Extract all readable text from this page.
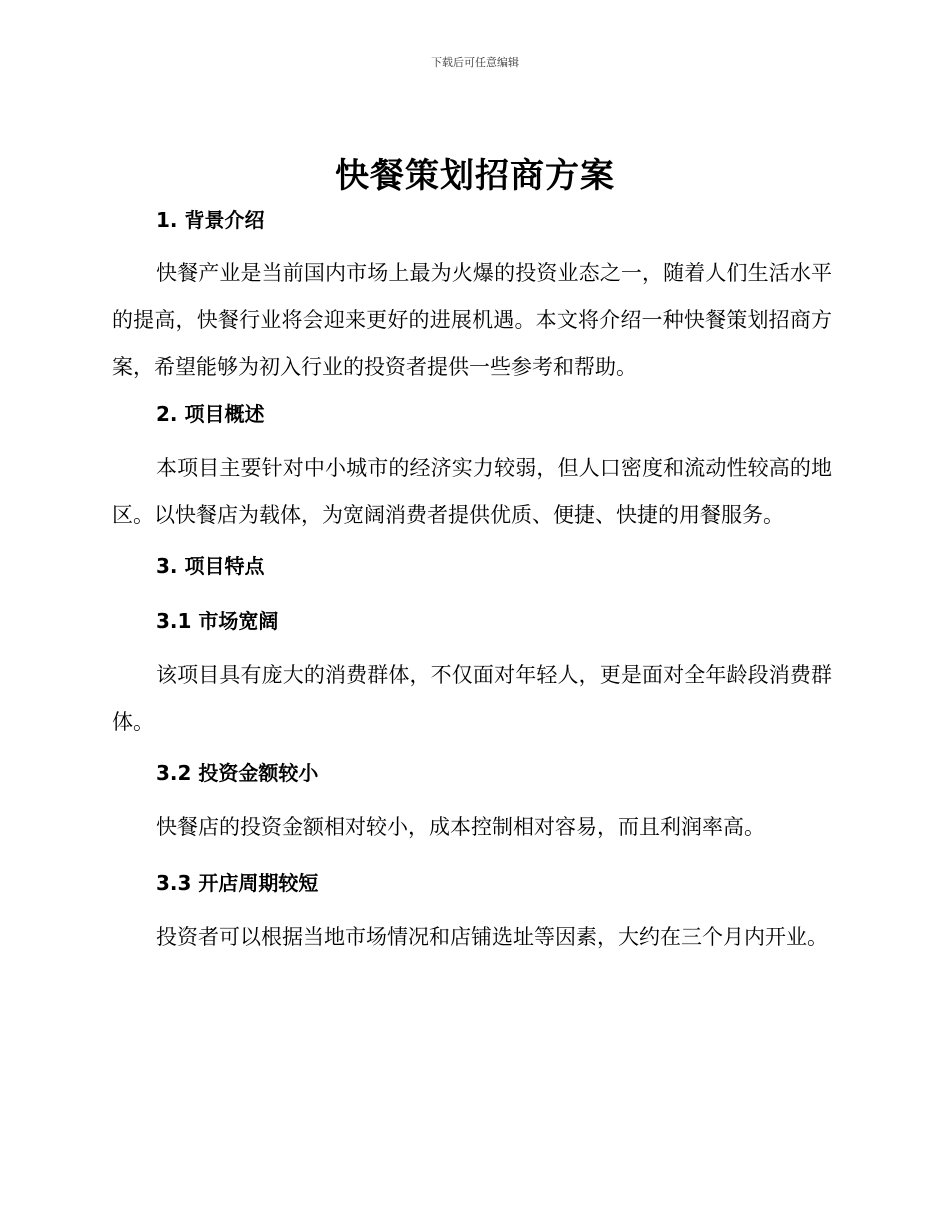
下载后可任意编辑
快餐策划招商方案
1. 背景介绍
快餐产业是当前国内市场上最为火爆的投资业态之一，随着人们生活水平的提高，快餐行业将会迎来更好的进展机遇。本文将介绍一种快餐策划招商方案，希望能够为初入行业的投资者提供一些参考和帮助。
2. 项目概述
本项目主要针对中小城市的经济实力较弱，但人口密度和流动性较高的地区。以快餐店为载体，为宽阔消费者提供优质、便捷、快捷的用餐服务。
3. 项目特点
3.1 市场宽阔
该项目具有庞大的消费群体，不仅面对年轻人，更是面对全年龄段消费群体。
3.2 投资金额较小
快餐店的投资金额相对较小，成本控制相对容易，而且利润率高。
3.3 开店周期较短
投资者可以根据当地市场情况和店铺选址等因素，大约在三个月内开业。
